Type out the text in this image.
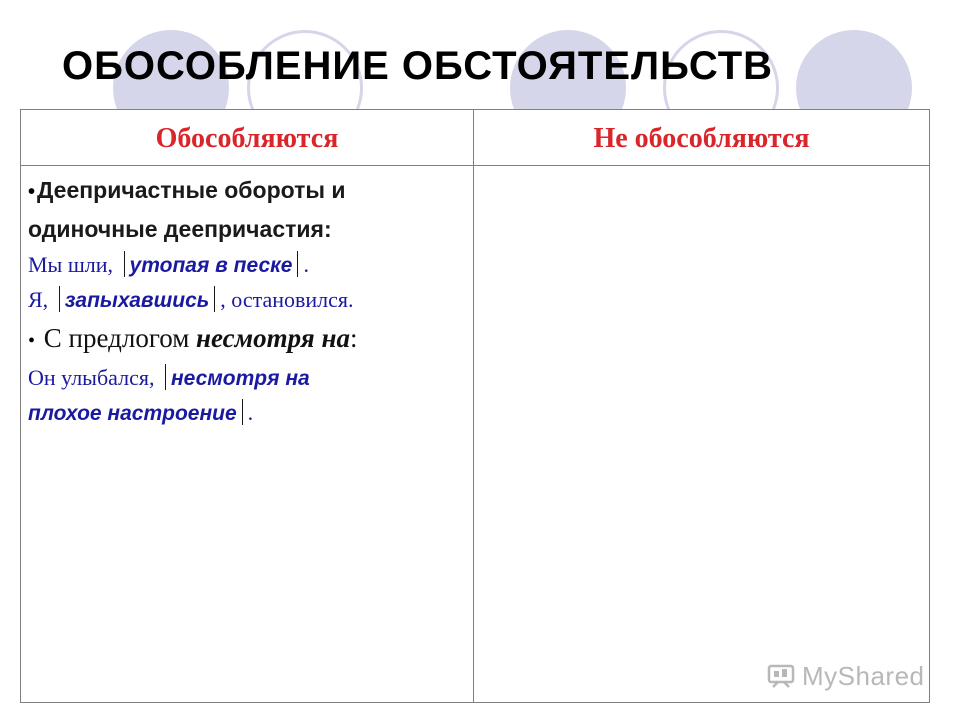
ОБОСОБЛЕНИЕ ОБСТОЯТЕЛЬСТВ
Обособляются	Не обособляются
•Деепричастные обороты и
одиночные деепричастия:
Мы шли, утопая в песке .
Я, запыхавшись , остановился.
• С предлогом несмотря на:
Он улыбался, несмотря на
плохое настроение .
MyShared
